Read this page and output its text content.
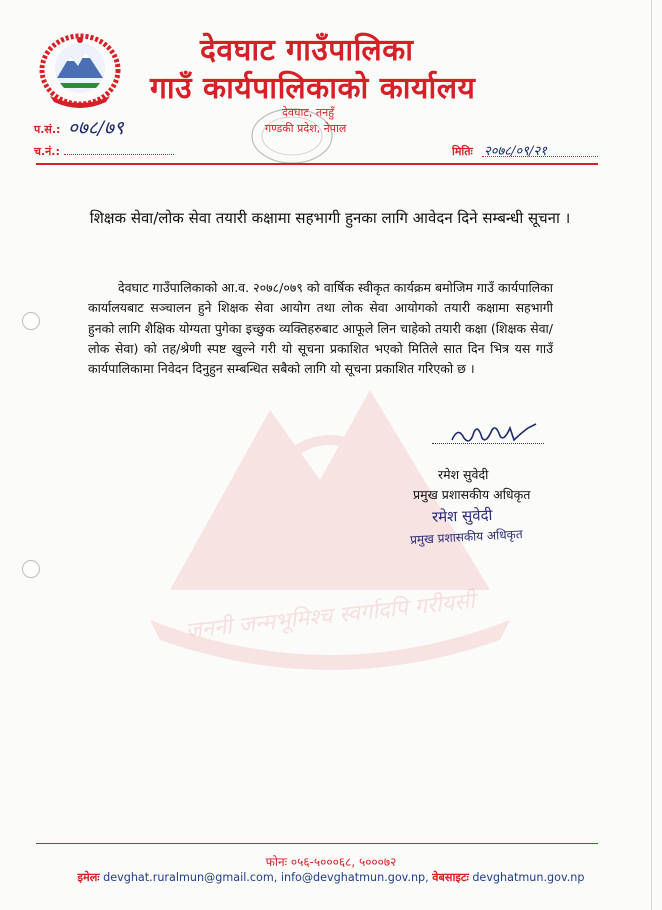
देवघाट गाउँपालिका
गाउँ कार्यपालिकाको कार्यालय
देवघाट, तनहुँ
गण्डकी प्रदेश, नेपाल
प.सं.: ०७८/७९
च.नं.:	मितिः २०७८/०९/२१
जननी जन्मभूमिश्च स्वर्गादपि गरीयसी
शिक्षक सेवा/लोक सेवा तयारी कक्षामा सहभागी हुनका लागि आवेदन दिने सम्बन्धी सूचना ।
देवघाट गाउँपालिकाको आ.व. २०७८/०७९ को वार्षिक स्वीकृत कार्यक्रम बमोजिम गाउँ कार्यपालिका कार्यालयबाट सञ्चालन हुने शिक्षक सेवा आयोग तथा लोक सेवा आयोगको तयारी कक्षामा सहभागी हुनको लागि शैक्षिक योग्यता पुगेका इच्छुक व्यक्तिहरुबाट आफूले लिन चाहेको तयारी कक्षा (शिक्षक सेवा/लोक सेवा) को तह/श्रेणी स्पष्ट खुल्ने गरी यो सूचना प्रकाशित भएको मितिले सात दिन भित्र यस गाउँ कार्यपालिकामा निवेदन दिनुहुन सम्बन्धित सबैको लागि यो सूचना प्रकाशित गरिएको छ ।
रमेश सुवेदी
प्रमुख प्रशासकीय अधिकृत
रमेश सुवेदी
प्रमुख प्रशासकीय अधिकृत
फोनः ०५६-५०००६८, ५०००७२
इमेलः devghat.ruralmun@gmail.com, info@devghatmun.gov.np, वेबसाइटः devghatmun.gov.np
